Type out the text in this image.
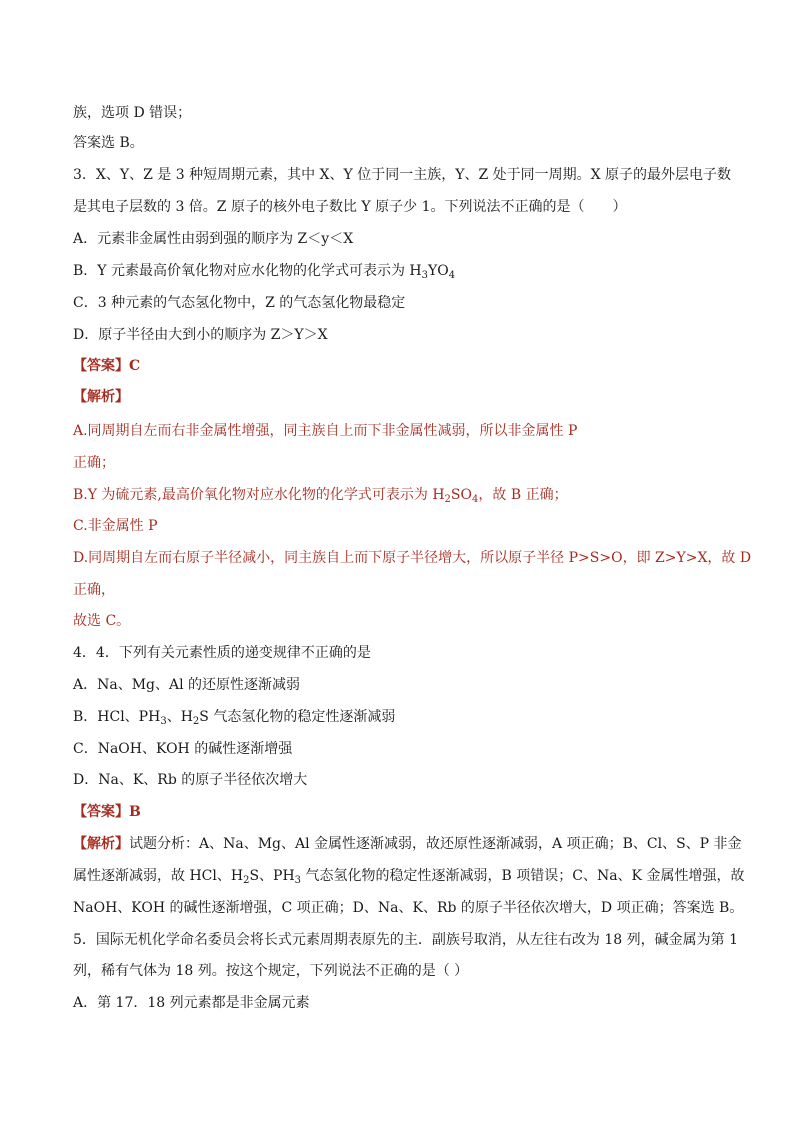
族，选项 D 错误；
答案选 B。
3．X、Y、Z 是 3 种短周期元素，其中 X、Y 位于同一主族，Y、Z 处于同一周期。X 原子的最外层电子数
是其电子层数的 3 倍。Z 原子的核外电子数比 Y 原子少 1。下列说法不正确的是（　　）
A．元素非金属性由弱到强的顺序为 Z＜y＜X
B．Y 元素最高价氧化物对应水化物的化学式可表示为 $H_3YO_4$
C．3 种元素的气态氢化物中，Z 的气态氢化物最稳定
D．原子半径由大到小的顺序为 Z＞Y＞X
【答案】C
【解析】
A.同周期自左而右非金属性增强，同主族自上而下非金属性减弱，所以非金属性 P
正确；
B.Y 为硫元素,最高价氧化物对应水化物的化学式可表示为 $H_2SO_4$，故 B 正确；
C.非金属性 P
D.同周期自左而右原子半径减小，同主族自上而下原子半径增大，所以原子半径 P>S>O，即 Z>Y>X，故 D
正确，
故选 C。
4．4．下列有关元素性质的递变规律不正确的是
A．Na、Mg、Al 的还原性逐渐减弱
B．HCl、$PH_3$、$H_2S$ 气态氢化物的稳定性逐渐减弱
C．NaOH、KOH 的碱性逐渐增强
D．Na、K、Rb 的原子半径依次增大
【答案】B
【解析】试题分析：A、Na、Mg、Al 金属性逐渐减弱，故还原性逐渐减弱，A 项正确；B、Cl、S、P 非金
属性逐渐减弱，故 HCl、$H_2S$、$PH_3$ 气态氢化物的稳定性逐渐减弱，B 项错误；C、Na、K 金属性增强，故
NaOH、KOH 的碱性逐渐增强，C 项正确；D、Na、K、Rb 的原子半径依次增大，D 项正确；答案选 B。
5．国际无机化学命名委员会将长式元素周期表原先的主．副族号取消，从左往右改为 18 列，碱金属为第 1
列，稀有气体为 18 列。按这个规定，下列说法不正确的是（ ）
A．第 17．18 列元素都是非金属元素
